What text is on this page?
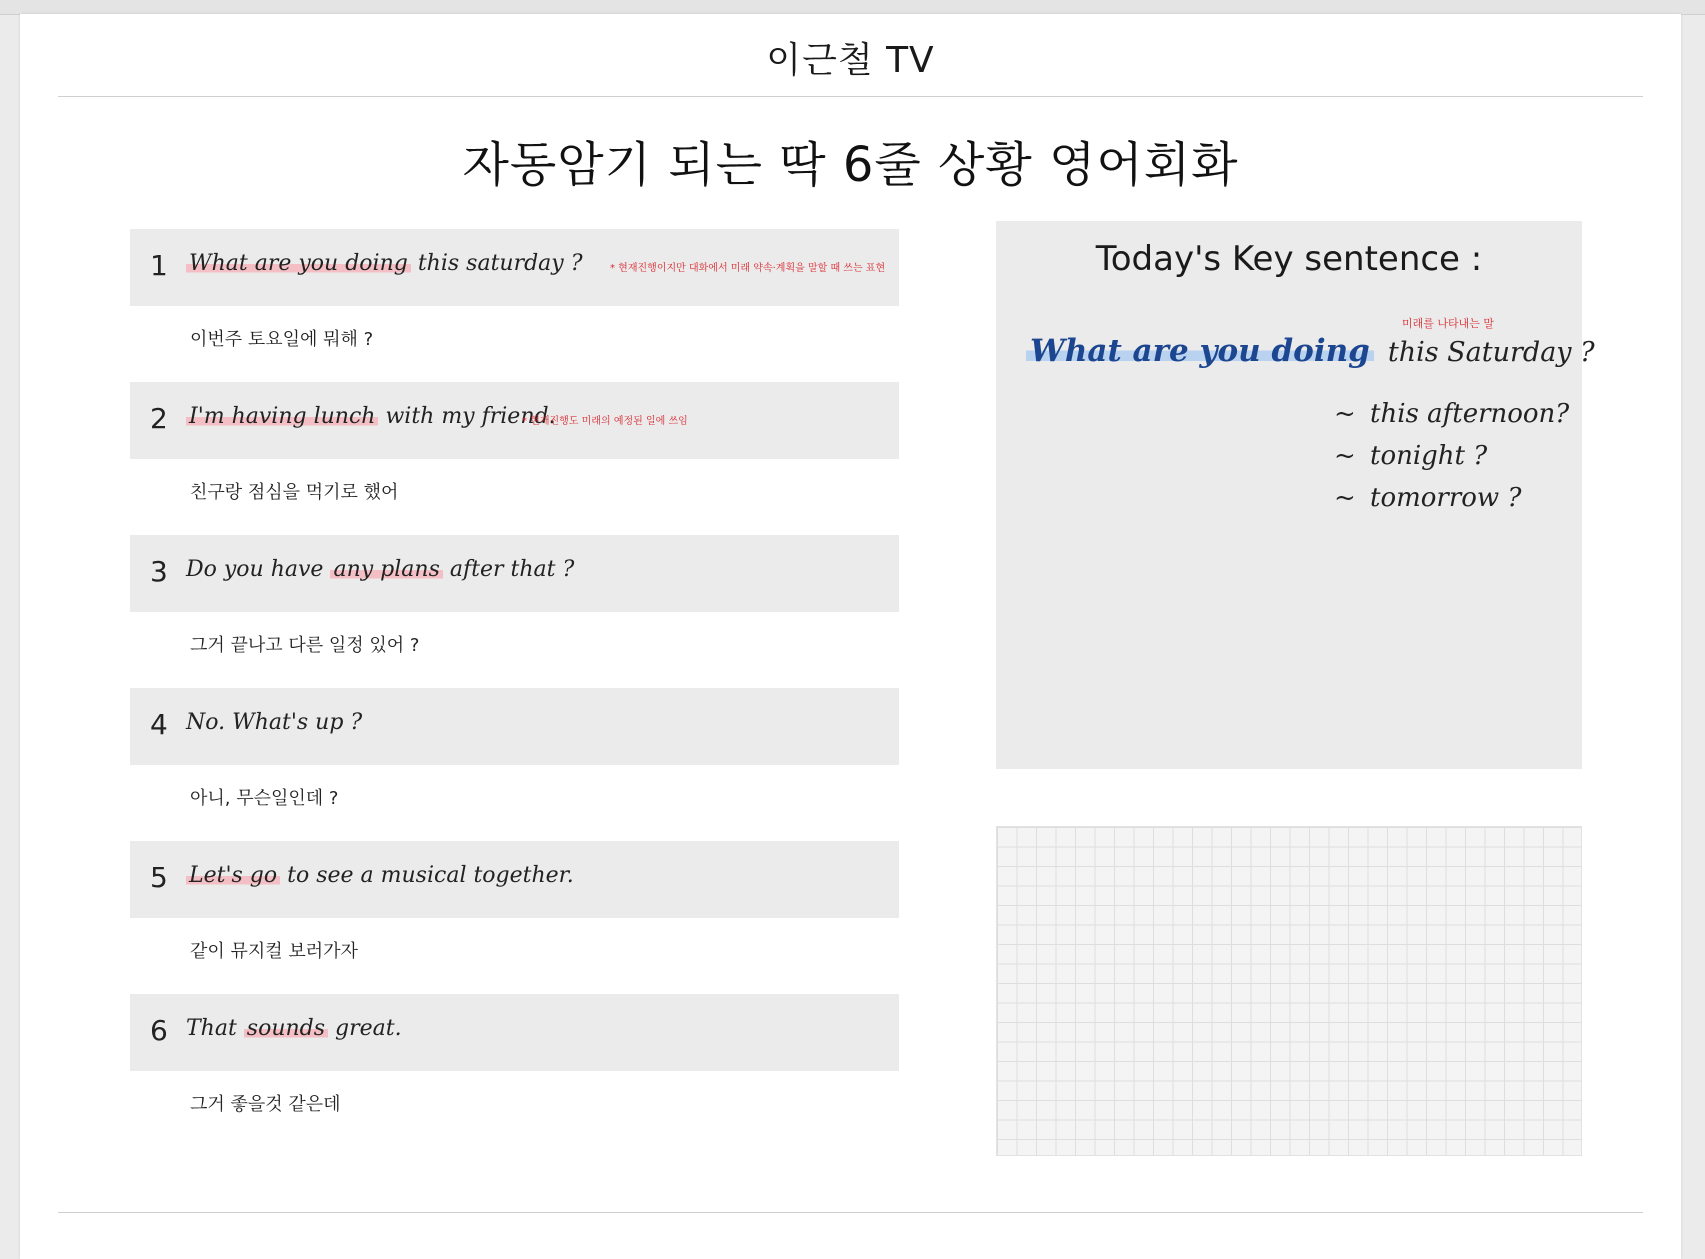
이근철 TV
자동암기 되는 딱 6줄 상황 영어회화
1 What are you doing this saturday ?	* 현재진행이지만 대화에서 미래 약속·계획을 말할 때 쓰는 표현
이번주 토요일에 뭐해 ?
2 I'm having lunch with my friend.
* 현재진행도 미래의 예정된 일에 쓰임
친구랑 점심을 먹기로 했어
3 Do you have any plans after that ?
그거 끝나고 다른 일정 있어 ?
4 No. What's up ?
아니, 무슨일인데 ?
5 Let's go to see a musical together.
같이 뮤지컬 보러가자
6 That sounds great.
그거 좋을것 같은데
Today's Key sentence :
미래를 나타내는 말
What are you doing this Saturday ?
~ this afternoon?
~ tonight ?
~ tomorrow ?
